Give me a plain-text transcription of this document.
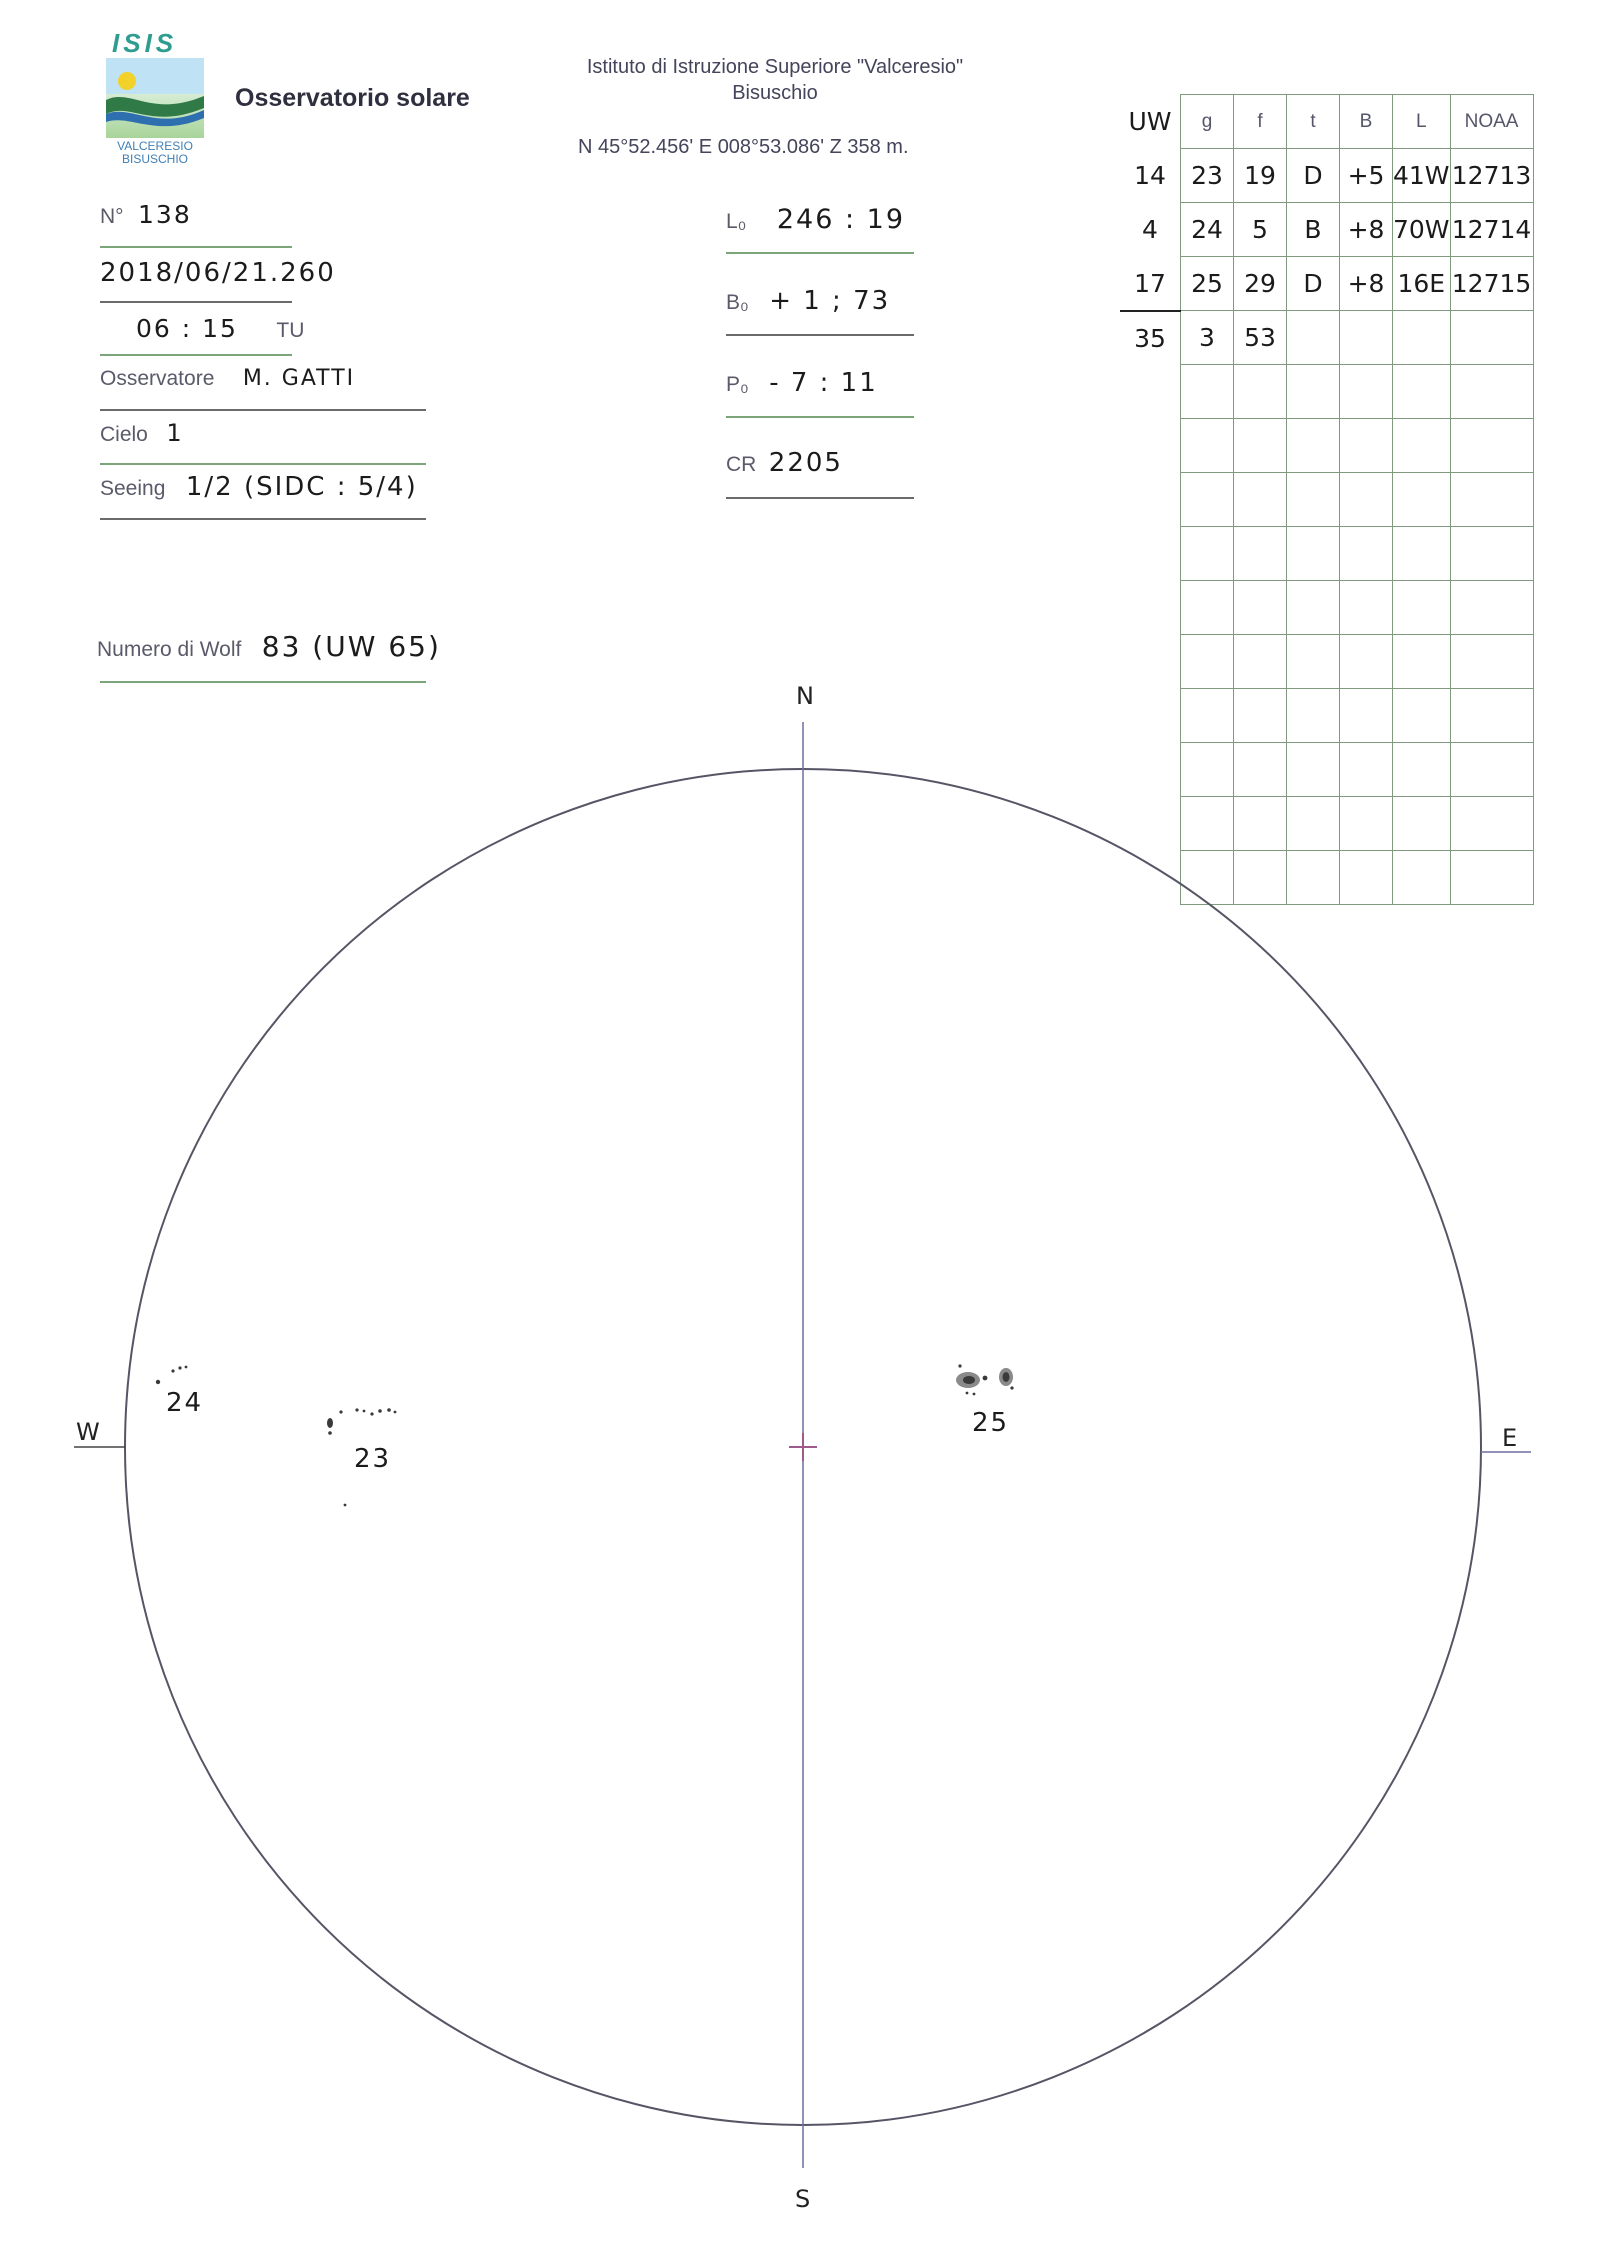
ISIS
VALCERESIO
BISUSCHIO
Osservatorio solare
Istituto di Istruzione Superiore "Valceresio"
Bisuschio
N 45°52.456' E 008°53.086' Z 358 m.
N° 138
2018/06/21.260
06 : 15 TU
Osservatore M. GATTI
Cielo 1
Seeing 1/2 (SIDC : 5/4)
Numero di Wolf 83 (UW 65)
L₀ 246 : 19
B₀ + 1 ; 73
P₀ - 7 : 11
CR 2205
UW	g	f	t	B	L	NOAA
14	23	19	D	+5	41W	12713
4	24	5	B	+8	70W	12714
17	25	29	D	+8	16E	12715
35	3	53				

N
S
E
W
24
23
25
